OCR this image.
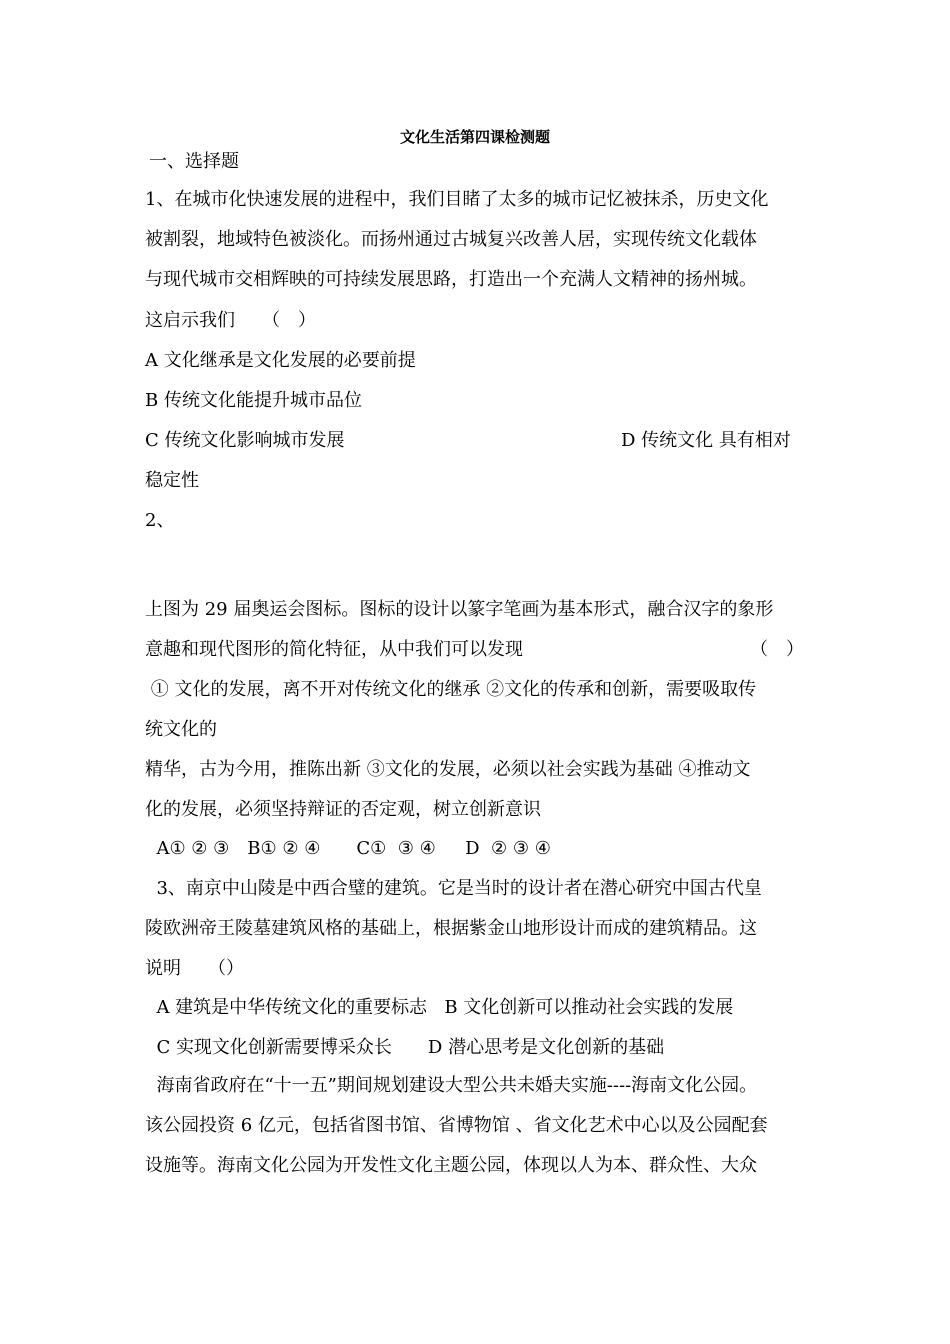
文化生活第四课检测题
一、选择题
1、在城市化快速发展的进程中，我们目睹了太多的城市记忆被抹杀，历史文化
被割裂，地域特色被淡化。而扬州通过古城复兴改善人居，实现传统文化载体
与现代城市交相辉映的可持续发展思路，打造出一个充满人文精神的扬州城。
这启示我们　　（　）
A 文化继承是文化发展的必要前提
B 传统文化能提升城市品位
C 传统文化影响城市发展	D 传统文化 具有相对
稳定性
2、
上图为 29 届奥运会图标。图标的设计以篆字笔画为基本形式，融合汉字的象形
意趣和现代图形的简化特征，从中我们可以发现	（　）
① 文化的发展，离不开对传统文化的继承 ②文化的传承和创新，需要吸取传
统文化的
精华，古为今用，推陈出新 ③文化的发展，必须以社会实践为基础 ④推动文
化的发展，必须坚持辩证的否定观，树立创新意识
A① ② ③　B① ② ④　　C①  ③ ④　  D  ② ③ ④
3、南京中山陵是中西合璧的建筑。它是当时的设计者在潜心研究中国古代皇
陵欧洲帝王陵墓建筑风格的基础上，根据紫金山地形设计而成的建筑精品。这
说明　　（）
A 建筑是中华传统文化的重要标志   B 文化创新可以推动社会实践的发展
C 实现文化创新需要博采众长　　D 潜心思考是文化创新的基础
海南省政府在“十一五”期间规划建设大型公共未婚夫实施----海南文化公园。
该公园投资 6 亿元，包括省图书馆、省博物馆 、省文化艺术中心以及公园配套
设施等。海南文化公园为开发性文化主题公园，体现以人为本、群众性、大众
